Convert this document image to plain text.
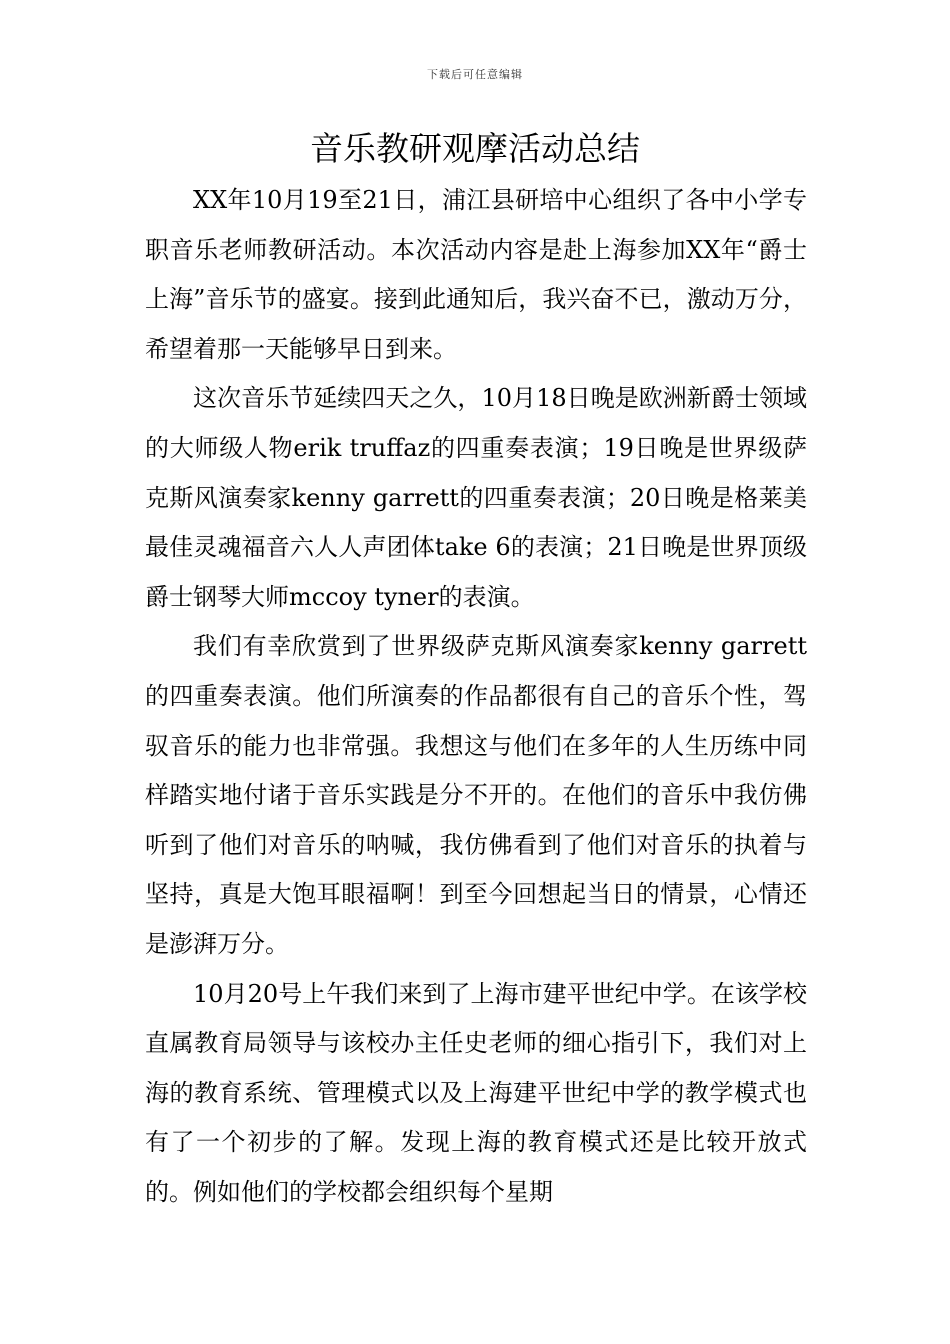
下载后可任意编辑
音乐教研观摩活动总结

XX年10月19至21日，浦江县研培中心组织了各中小学专职音乐老师教研活动。本次活动内容是赴上海参加XX年“爵士上海”音乐节的盛宴。接到此通知后，我兴奋不已，激动万分，希望着那一天能够早日到来。

这次音乐节延续四天之久，10月18日晚是欧洲新爵士领域的大师级人物erik truffaz的四重奏表演；19日晚是世界级萨克斯风演奏家kenny garrett的四重奏表演；20日晚是格莱美最佳灵魂福音六人人声团体take 6的表演；21日晚是世界顶级爵士钢琴大师mccoy tyner的表演。

我们有幸欣赏到了世界级萨克斯风演奏家kenny garrett的四重奏表演。他们所演奏的作品都很有自己的音乐个性，驾驭音乐的能力也非常强。我想这与他们在多年的人生历练中同样踏实地付诸于音乐实践是分不开的。在他们的音乐中我仿佛听到了他们对音乐的呐喊，我仿佛看到了他们对音乐的执着与坚持，真是大饱耳眼福啊！到至今回想起当日的情景，心情还是澎湃万分。

10月20号上午我们来到了上海市建平世纪中学。在该学校直属教育局领导与该校办主任史老师的细心指引下，我们对上海的教育系统、管理模式以及上海建平世纪中学的教学模式也有了一个初步的了解。发现上海的教育模式还是比较开放式的。例如他们的学校都会组织每个星期
